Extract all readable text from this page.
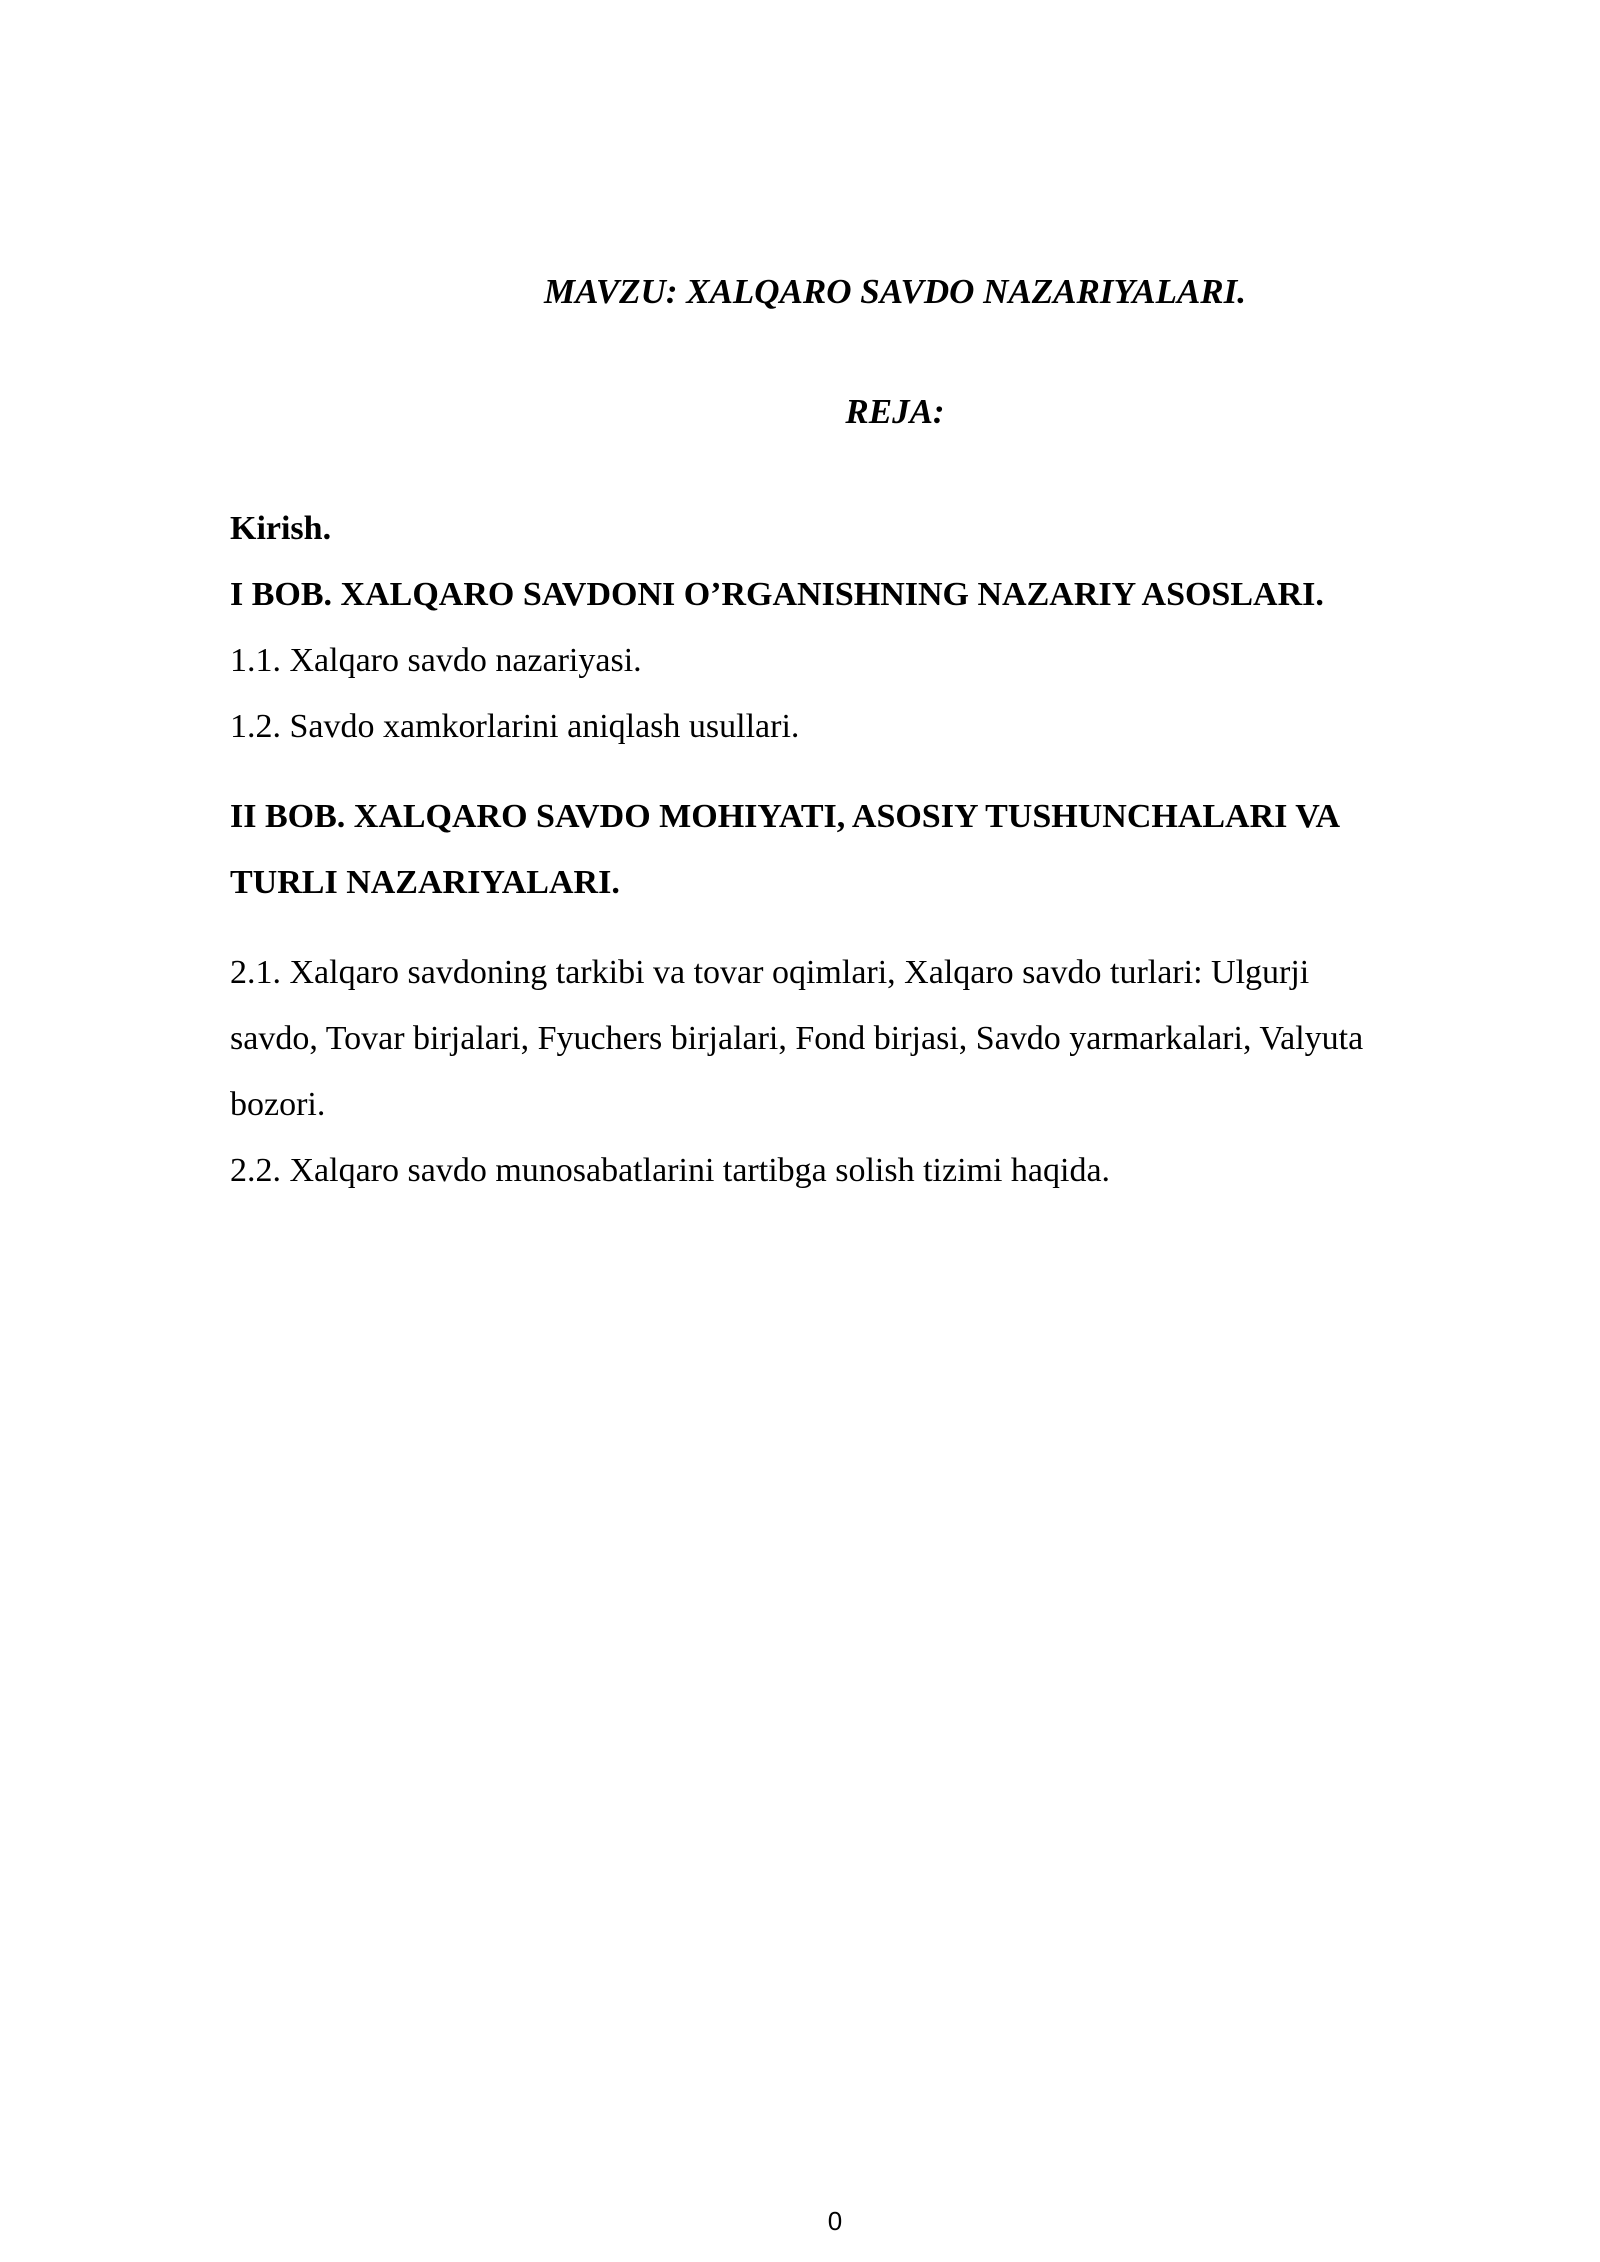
MAVZU: XALQARO SAVDO NAZARIYALARI.

REJA:

Kirish.

I BOB. XALQARO SAVDONI O’RGANISHNING NAZARIY ASOSLARI.

1.1. Xalqaro savdo nazariyasi.

1.2. Savdo xamkorlarini aniqlash usullari.

II BOB. XALQARO SAVDO MOHIYATI, ASOSIY TUSHUNCHALARI VA

TURLI NAZARIYALARI.

2.1. Xalqaro savdoning tarkibi va tovar oqimlari, Xalqaro savdo turlari: Ulgurji

savdo, Tovar birjalari, Fyuchers birjalari, Fond birjasi, Savdo yarmarkalari, Valyuta

bozori.

2.2. Xalqaro savdo munosabatlarini tartibga solish tizimi haqida.

0
